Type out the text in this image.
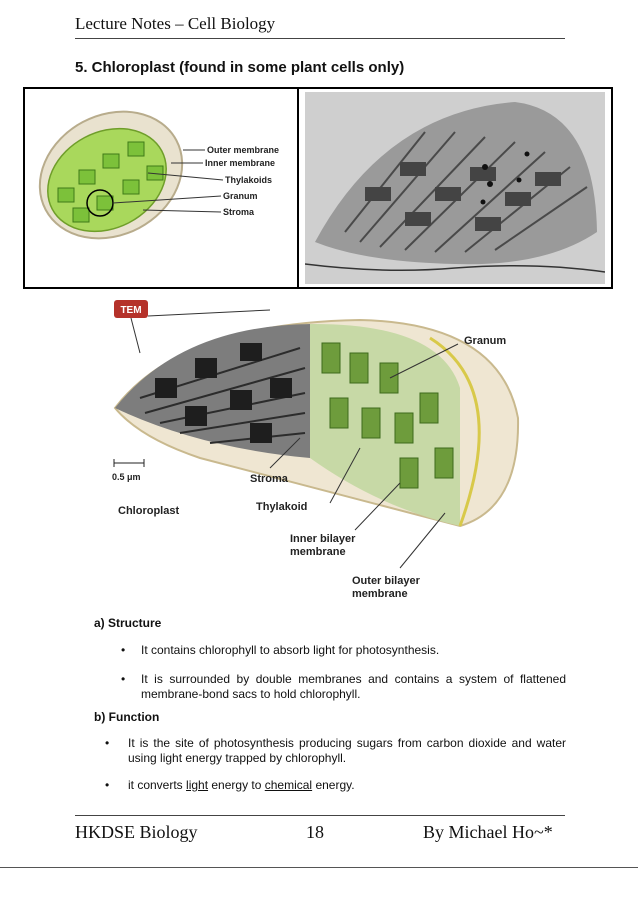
Lecture Notes – Cell Biology
5. Chloroplast (found in some plant cells only)
Outer membrane
Inner membrane
Thylakoids
Granum
Stroma
TEM
0.5 μm
Granum
Stroma
Chloroplast	Thylakoid
Inner bilayer
membrane
Outer bilayer
membrane
a) Structure
• It contains chlorophyll to absorb light for photosynthesis.
• It is surrounded by double membranes and contains a system of flattened membrane-bond sacs to hold chlorophyll.
b) Function
• It is the site of photosynthesis producing sugars from carbon dioxide and water using light energy trapped by chlorophyll.
• it converts light energy to chemical energy.
HKDSE Biology	18	By Michael Ho~*
